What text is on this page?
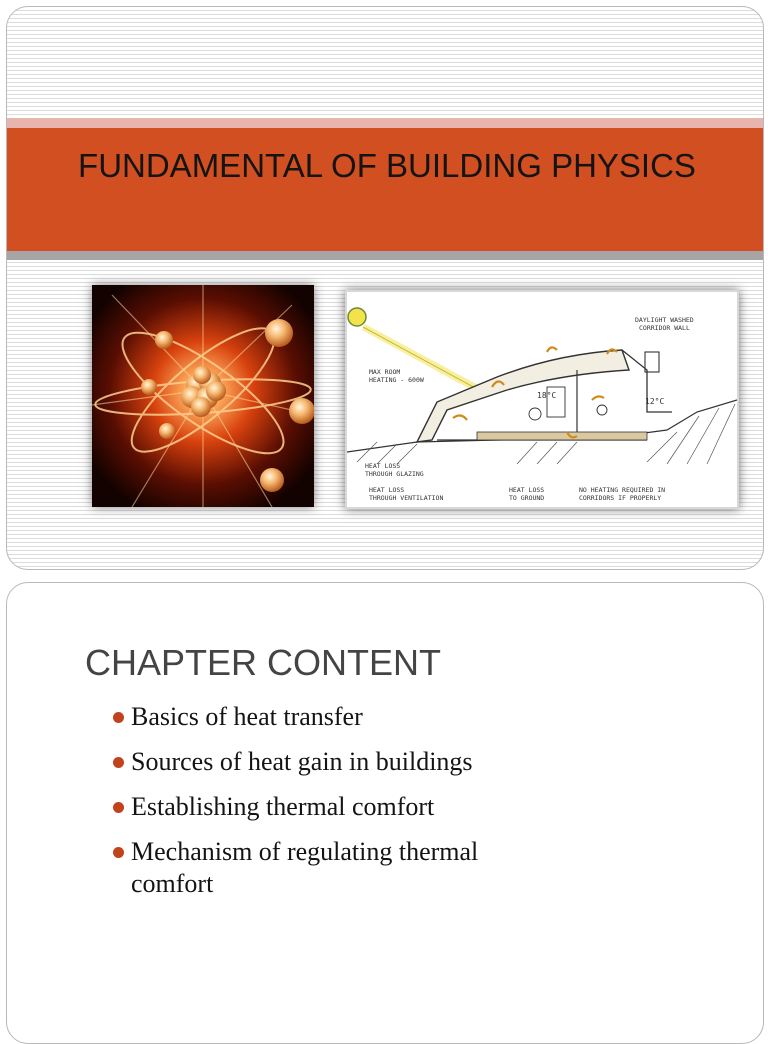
FUNDAMENTAL OF BUILDING PHYSICS
DAYLIGHT WASHED
CORRIDOR WALL
MAX ROOM
HEATING - 600W
18°C
12°C
HEAT LOSS
THROUGH GLAZING
HEAT LOSS
THROUGH VENTILATION
HEAT LOSS
TO GROUND
NO HEATING REQUIRED IN
CORRIDORS IF PROPERLY
CHAPTER CONTENT
Basics of heat transfer
Sources of heat gain in buildings
Establishing thermal comfort
Mechanism of regulating thermal comfort
